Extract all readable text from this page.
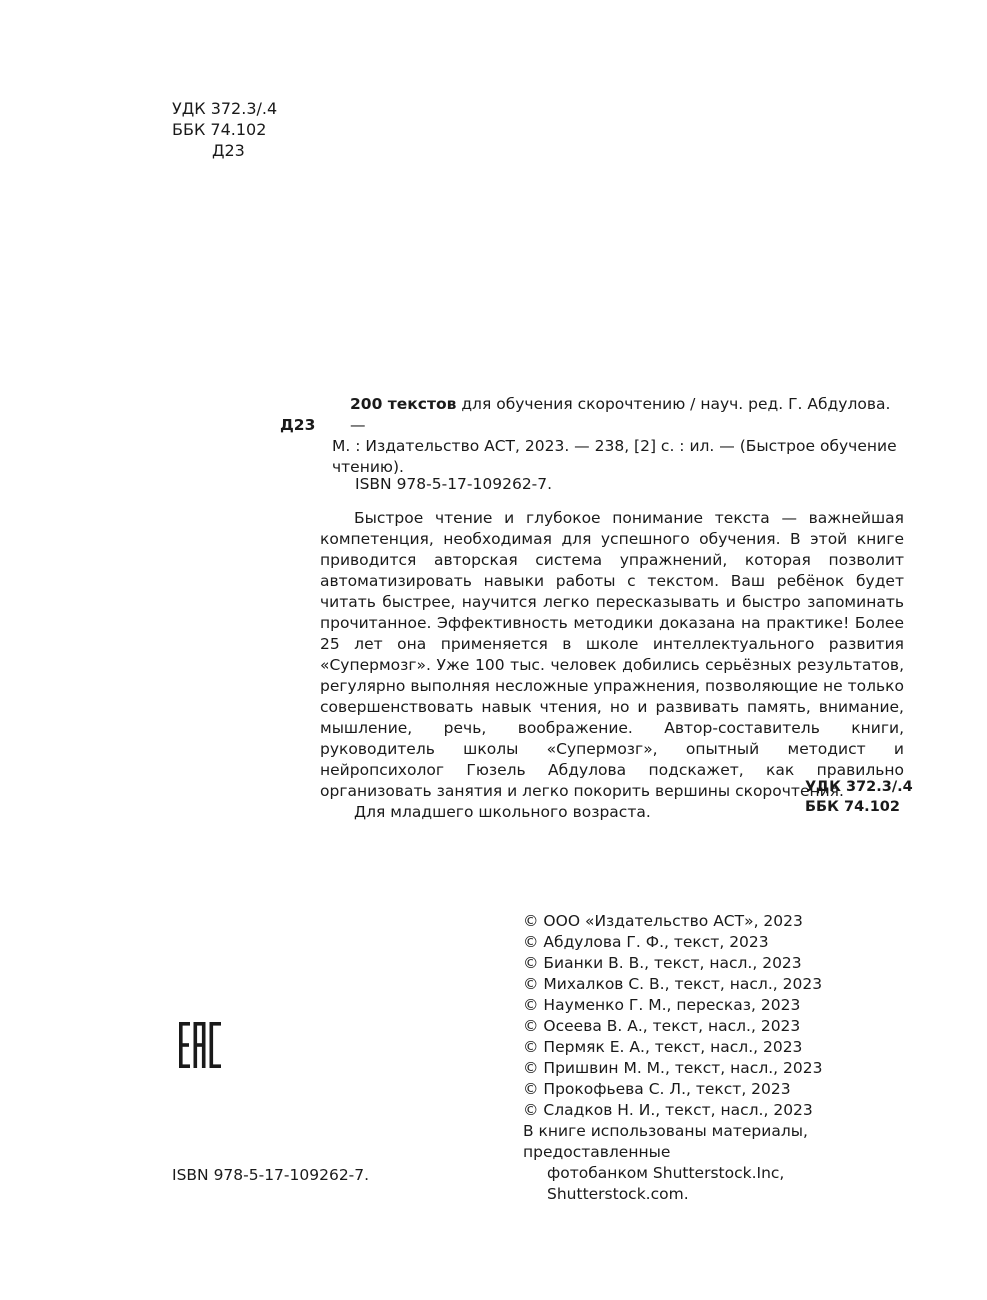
УДК 372.3/.4
ББК 74.102
Д23
Д23
200 текстов для обучения скорочтению / науч. ред. Г. Абдулова. —
М. : Издательство АСТ, 2023. — 238, [2] с. : ил. — (Быстрое обучение
чтению).
ISBN 978-5-17-109262-7.

Быстрое чтение и глубокое понимание текста — важнейшая компетенция, необходимая для успешного обучения. В этой книге приводится авторская система упражнений, которая позволит автоматизировать навыки работы с текстом. Ваш ребёнок будет читать быстрее, научится легко пересказывать и быстро запоминать прочитанное. Эффективность методики доказана на практике! Более 25 лет она применяется в школе интеллектуального развития «Супермозг». Уже 100 тыс. человек добились серьёзных результатов, регулярно выполняя несложные упражнения, позволяющие не только совершенствовать навык чтения, но и развивать память, внимание, мышление, речь, воображение. Автор-составитель книги, руководитель школы «Супермозг», опытный методист и нейропсихолог Гюзель Абдулова подскажет, как правильно организовать занятия и легко покорить вершины скорочтения.

Для младшего школьного возраста.

УДК 372.3/.4
ББК 74.102
© ООО «Издательство АСТ», 2023
© Абдулова Г. Ф., текст, 2023
© Бианки В. В., текст, насл., 2023
© Михалков С. В., текст, насл., 2023
© Науменко Г. М., пересказ, 2023
© Осеева В. А., текст, насл., 2023
© Пермяк Е. А., текст, насл., 2023
© Пришвин М. М., текст, насл., 2023
© Прокофьева С. Л., текст, 2023
© Сладков Н. И., текст, насл., 2023
В книге использованы материалы, предоставленные
фотобанком Shutterstock.Inc, Shutterstock.com.
ISBN 978-5-17-109262-7.
